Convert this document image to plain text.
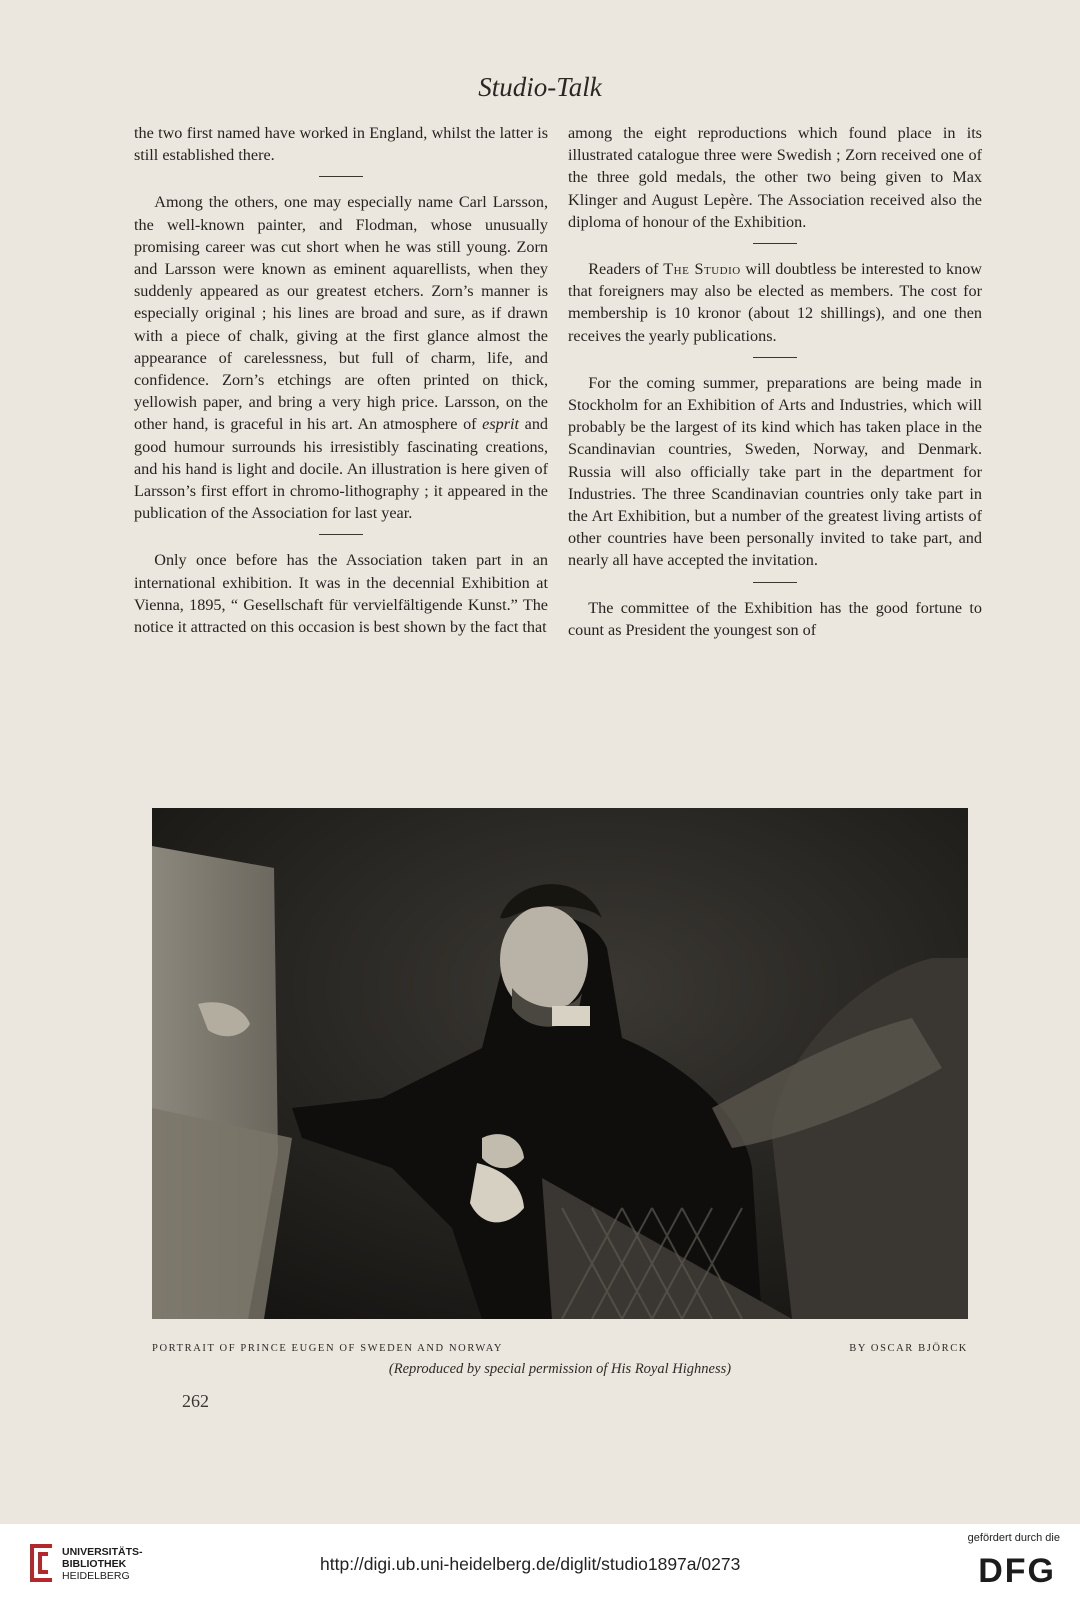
Studio-Talk

the two first named have worked in England, whilst the latter is still established there.

Among the others, one may especially name Carl Larsson, the well-known painter, and Flodman, whose unusually promising career was cut short when he was still young. Zorn and Larsson were known as eminent aquarellists, when they suddenly appeared as our greatest etchers. Zorn’s manner is especially original ; his lines are broad and sure, as if drawn with a piece of chalk, giving at the first glance almost the appearance of carelessness, but full of charm, life, and confidence. Zorn’s etchings are often printed on thick, yellowish paper, and bring a very high price. Larsson, on the other hand, is graceful in his art. An atmosphere of esprit and good humour surrounds his irresistibly fascinating creations, and his hand is light and docile. An illustration is here given of Larsson’s first effort in chromo-lithography ; it appeared in the publication of the Association for last year.

Only once before has the Association taken part in an international exhibition. It was in the decennial Exhibition at Vienna, 1895, “ Gesellschaft für vervielfältigende Kunst.” The notice it attracted on this occasion is best shown by the fact that

among the eight reproductions which found place in its illustrated catalogue three were Swedish ; Zorn received one of the three gold medals, the other two being given to Max Klinger and August Lepère. The Association received also the diploma of honour of the Exhibition.

Readers of The Studio will doubtless be interested to know that foreigners may also be elected as members. The cost for membership is 10 kronor (about 12 shillings), and one then receives the yearly publications.

For the coming summer, preparations are being made in Stockholm for an Exhibition of Arts and Industries, which will probably be the largest of its kind which has taken place in the Scandinavian countries, Sweden, Norway, and Denmark. Russia will also officially take part in the department for Industries. The three Scandinavian countries only take part in the Art Exhibition, but a number of the greatest living artists of other countries have been personally invited to take part, and nearly all have accepted the invitation.

The committee of the Exhibition has the good fortune to count as President the youngest son of

PORTRAIT OF PRINCE EUGEN OF SWEDEN AND NORWAY	BY OSCAR BJÖRCK
(Reproduced by special permission of His Royal Highness)
262
UNIVERSITÄTS-
BIBLIOTHEK
HEIDELBERG
http://digi.ub.uni-heidelberg.de/diglit/studio1897a/0273
gefördert durch die
DFG
